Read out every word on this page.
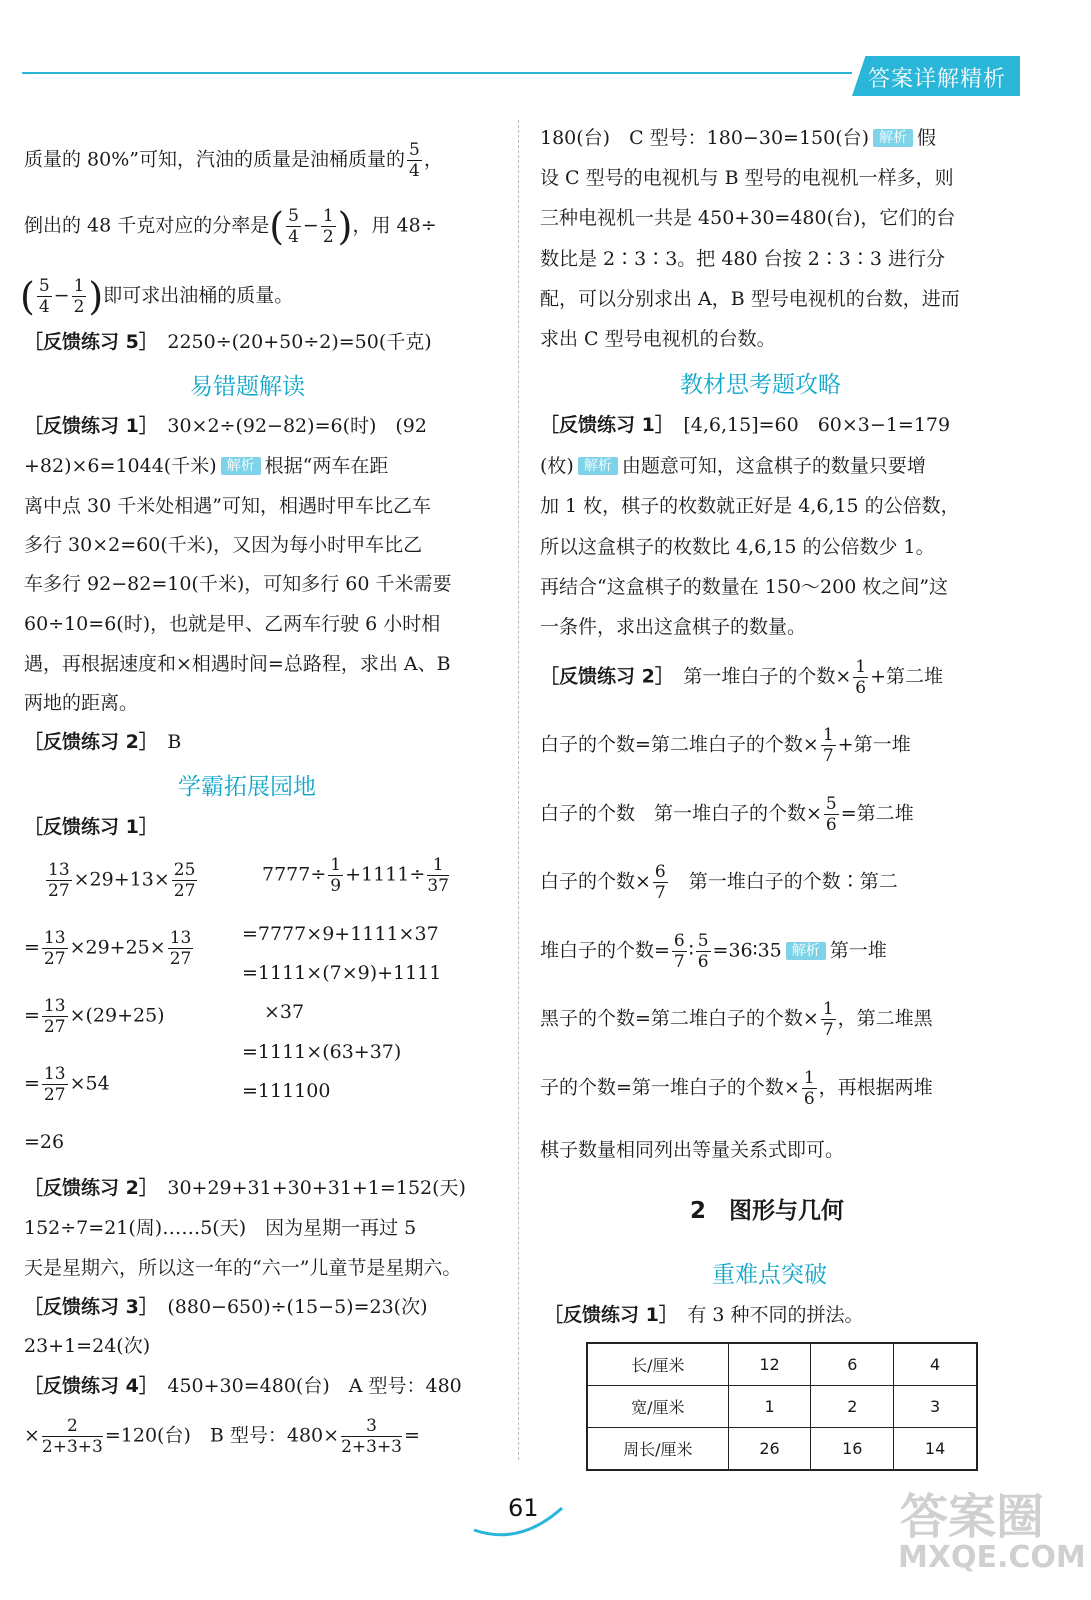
答案详解精析
质量的 80%”可知，汽油的质量是油桶质量的 $\frac{5}{4}$ ，
倒出的 48 千克对应的分率是( $\frac{5}{4} - \frac{1}{2}$ )，用 48÷
( $\frac{5}{4} - \frac{1}{2}$ )即可求出油桶的质量。
［反馈练习 5］　 2250÷(20+50÷2)=50(千克)
易错题解读
［反馈练习 1］　 30×2÷(92−82)=6(时)　(92
+82)×6=1044(千米) 解析 根据“两车在距
离中点 30 千米处相遇”可知，相遇时甲车比乙车
多行 30×2=60(千米)，又因为每小时甲车比乙
车多行 92−82=10(千米)，可知多行 60 千米需要
60÷10=6(时)，也就是甲、乙两车行驶 6 小时相
遇，再根据速度和×相遇时间=总路程，求出 A、B
两地的距离。
［反馈练习 2］　 B
学霸拓展园地
［反馈练习 1］
$\frac{13}{27} \times 29+13\times \frac{25}{27}$
= $\frac{13}{27} \times 29+25\times \frac{13}{27}$
= $\frac{13}{27} \times(29+25)$
= $\frac{13}{27} \times 54$
=26
$7777\div \frac{1}{9} +1111\div \frac{1}{37}$
=7777×9+1111×37
=1111×(7×9)+1111
×37
=1111×(63+37)
=111100
［反馈练习 2］　 30+29+31+30+31+1=152(天)
152÷7=21(周)……5(天)　因为星期一再过 5
天是星期六，所以这一年的“六一”儿童节是星期六。
［反馈练习 3］　 (880−650)÷(15−5)=23(次)
23+1=24(次)
［反馈练习 4］　 450+30=480(台)　A 型号：480
× $\frac{2}{2+3+3} =120$(台)　B 型号：$480\times \frac{3}{2+3+3}$ =
180(台)　C 型号：180−30=150(台) 解析 假
设 C 型号的电视机与 B 型号的电视机一样多，则
三种电视机一共是 450+30=480(台)，它们的台
数比是 2∶3∶3。把 480 台按 2∶3∶3 进行分
配，可以分别求出 A，B 型号电视机的台数，进而
求出 C 型号电视机的台数。
教材思考题攻略
［反馈练习 1］　 [4,6,15]=60　60×3−1=179
(枚) 解析 由题意可知，这盒棋子的数量只要增
加 1 枚，棋子的枚数就正好是 4,6,15 的公倍数，
所以这盒棋子的枚数比 4,6,15 的公倍数少 1。
再结合“这盒棋子的数量在 150～200 枚之间”这
一条件，求出这盒棋子的数量。
［反馈练习 2］　 第一堆白子的个数× $\frac{1}{6}$ +第二堆
白子的个数=第二堆白子的个数× $\frac{1}{7}$ +第一堆
白子的个数　第一堆白子的个数× $\frac{5}{6}$ =第二堆
白子的个数× $\frac{6}{7}$ 　第一堆白子的个数∶第二
堆白子的个数= $\frac{6}{7}$ ∶ $\frac{5}{6}$ =36∶35 解析 第一堆
黑子的个数=第二堆白子的个数× $\frac{1}{7}$ ，第二堆黑
子的个数=第一堆白子的个数× $\frac{1}{6}$ ，再根据两堆
棋子数量相同列出等量关系式即可。
2　图形与几何
重难点突破
［反馈练习 1］　 有 3 种不同的拼法。
长/厘米	12	6	4
宽/厘米	1	2	3
周长/厘米	26	16	14
61	答案圈
MXQE.COM
